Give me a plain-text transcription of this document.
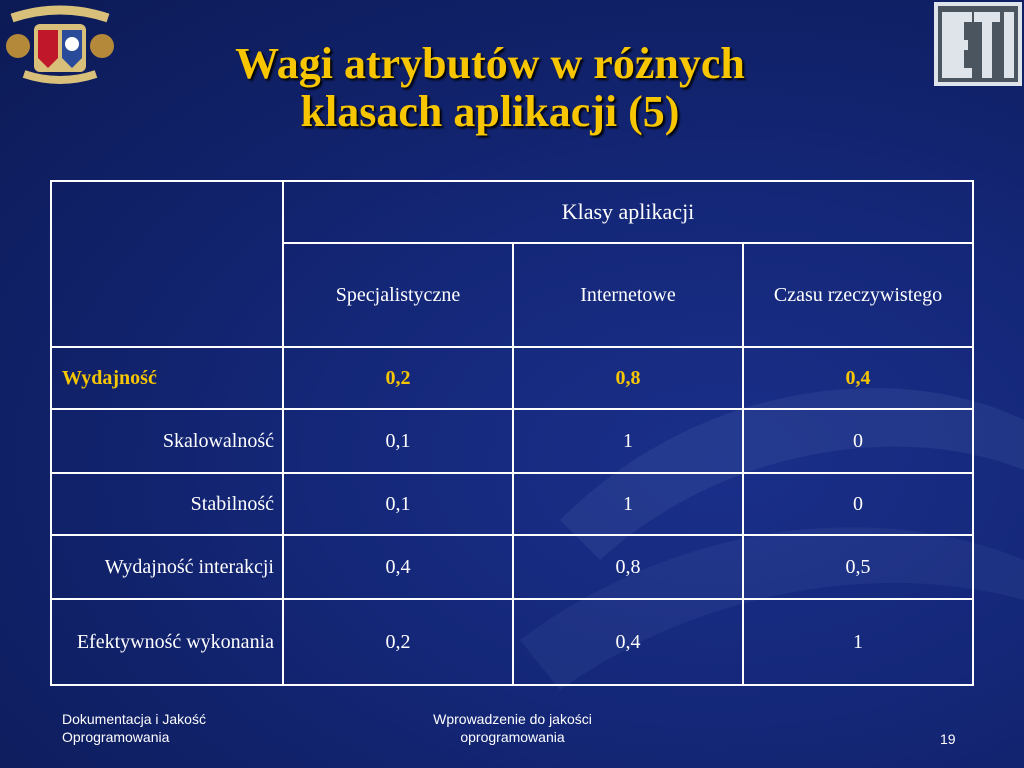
Wagi atrybutów w różnych
klasach aplikacji (5)
	Klasy aplikacji		
	Specjalistyczne	Internetowe	Czasu rzeczywistego
Wydajność	0,2	0,8	0,4
Skalowalność	0,1	1	0
Stabilność	0,1	1	0
Wydajność interakcji	0,4	0,8	0,5
Efektywność wykonania	0,2	0,4	1
Dokumentacja i Jakość
Oprogramowania
Wprowadzenie do jakości
oprogramowania	19
